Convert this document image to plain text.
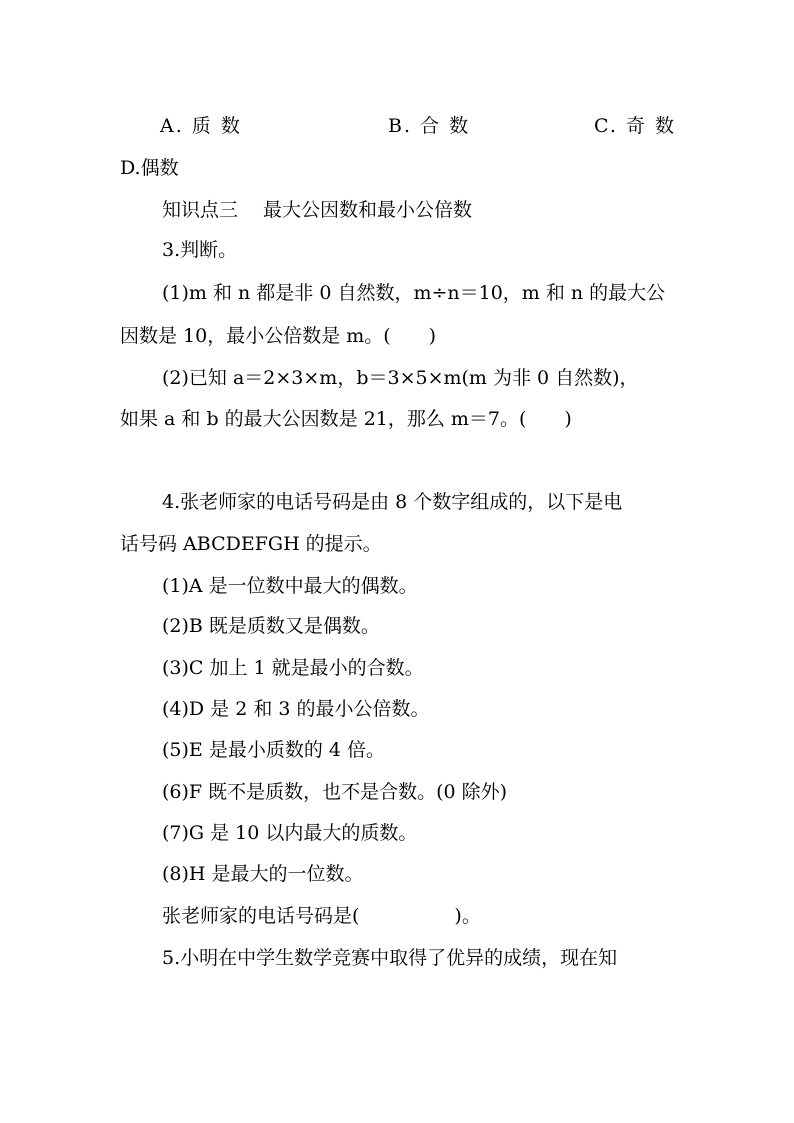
A. 质 数	B. 合 数	C. 奇 数
D.偶数
知识点三　 最大公因数和最小公倍数
3.判断。
(1)m 和 n 都是非 0 自然数，m÷n＝10，m 和 n 的最大公
因数是 10，最小公倍数是 m。(　　)
(2)已知 a＝2×3×m，b＝3×5×m(m 为非 0 自然数)，
如果 a 和 b 的最大公因数是 21，那么 m＝7。(　　)
4.张老师家的电话号码是由 8 个数字组成的，以下是电
话号码 ABCDEFGH 的提示。
(1)A 是一位数中最大的偶数。
(2)B 既是质数又是偶数。
(3)C 加上 1 就是最小的合数。
(4)D 是 2 和 3 的最小公倍数。
(5)E 是最小质数的 4 倍。
(6)F 既不是质数，也不是合数。(0 除外)
(7)G 是 10 以内最大的质数。
(8)H 是最大的一位数。
张老师家的电话号码是(　　　　　)。
5.小明在中学生数学竞赛中取得了优异的成绩，现在知
